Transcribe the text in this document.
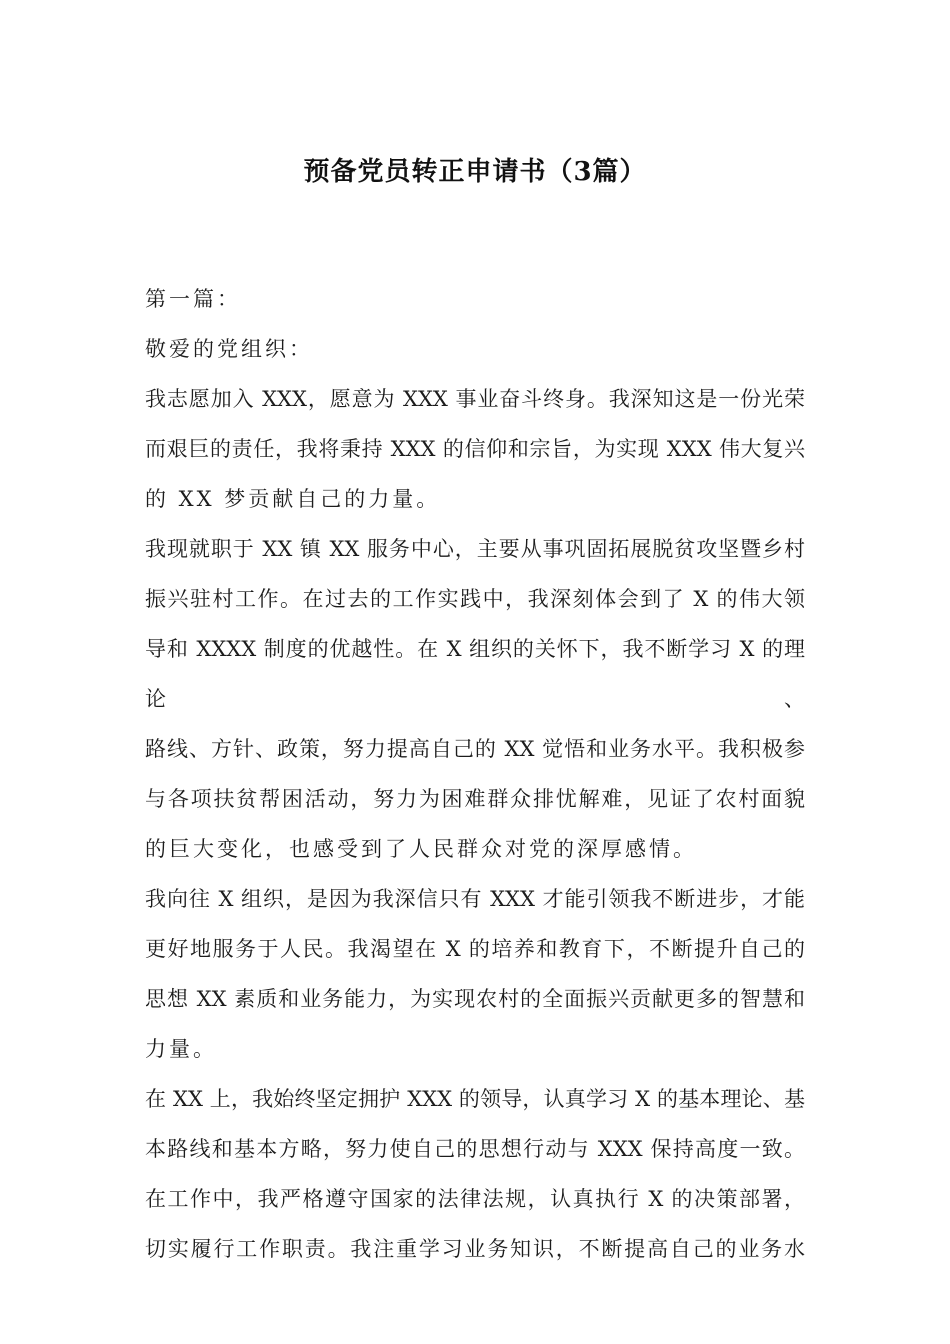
预备党员转正申请书（3篇）
第一篇：
敬爱的党组织：
我志愿加入 XXX，愿意为 XXX 事业奋斗终身。我深知这是一份光荣
而艰巨的责任，我将秉持 XXX 的信仰和宗旨，为实现 XXX 伟大复兴
的 XX 梦贡献自己的力量。
我现就职于 XX 镇 XX 服务中心，主要从事巩固拓展脱贫攻坚暨乡村
振兴驻村工作。在过去的工作实践中，我深刻体会到了 X 的伟大领
导和 XXXX 制度的优越性。在 X 组织的关怀下，我不断学习 X 的理论、
路线、方针、政策，努力提高自己的 XX 觉悟和业务水平。我积极参
与各项扶贫帮困活动，努力为困难群众排忧解难，见证了农村面貌
的巨大变化，也感受到了人民群众对党的深厚感情。
我向往 X 组织，是因为我深信只有 XXX 才能引领我不断进步，才能
更好地服务于人民。我渴望在 X 的培养和教育下，不断提升自己的
思想 XX 素质和业务能力，为实现农村的全面振兴贡献更多的智慧和
力量。
在 XX 上，我始终坚定拥护 XXX 的领导，认真学习 X 的基本理论、基
本路线和基本方略，努力使自己的思想行动与 XXX 保持高度一致。
在工作中，我严格遵守国家的法律法规，认真执行 X 的决策部署，
切实履行工作职责。我注重学习业务知识，不断提高自己的业务水
